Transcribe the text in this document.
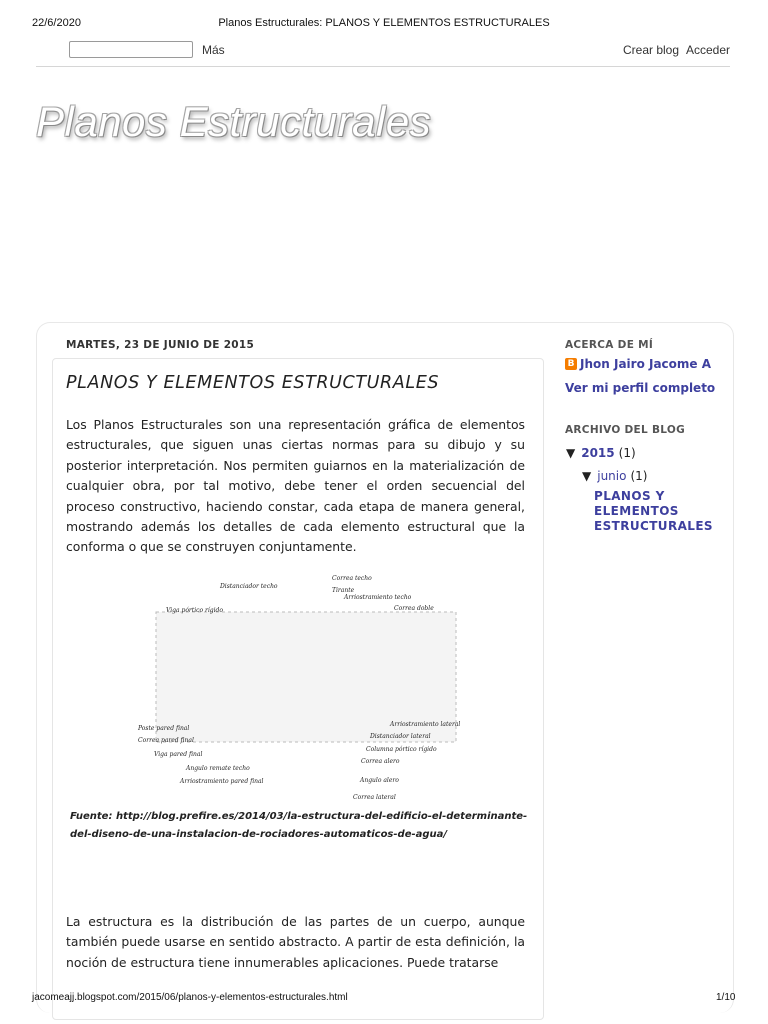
22/6/2020	Planos Estructurales: PLANOS Y ELEMENTOS ESTRUCTURALES
Más	Crear blog Acceder
Planos Estructurales
MARTES, 23 DE JUNIO DE 2015
PLANOS Y ELEMENTOS ESTRUCTURALES
Los Planos Estructurales son una representación gráfica de elementos estructurales, que siguen unas ciertas normas para su dibujo y su posterior interpretación. Nos permiten guiarnos en la materialización de cualquier obra, por tal motivo, debe tener el orden secuencial del proceso constructivo, haciendo constar, cada etapa de manera general, mostrando además los detalles de cada elemento estructural que la conforma o que se construyen conjuntamente.
Distanciador techo
Correa techo
Tirante
Arriostramiento techo
Correa doble
Viga pórtico rígido
Poste pared final
Correa pared final
Viga pared final
Angulo remate techo
Arriostramiento pared final
Arriostramiento lateral
Distanciador lateral
Columna pórtico rígido
Correa alero
Angulo alero
Correa lateral
Fuente: http://blog.prefire.es/2014/03/la-estructura-del-edificio-el-determinante-del-diseno-de-una-instalacion-de-rociadores-automaticos-de-agua/
La estructura es la distribución de las partes de un cuerpo, aunque también puede usarse en sentido abstracto. A partir de esta definición, la noción de estructura tiene innumerables aplicaciones. Puede tratarse
ACERCA DE MÍ
B Jhon Jairo Jacome A
Ver mi perfil completo
ARCHIVO DEL BLOG
▼ 2015 (1)
▼ junio (1)
PLANOS Y ELEMENTOS ESTRUCTURALES
jacomeajj.blogspot.com/2015/06/planos-y-elementos-estructurales.html	1/10
